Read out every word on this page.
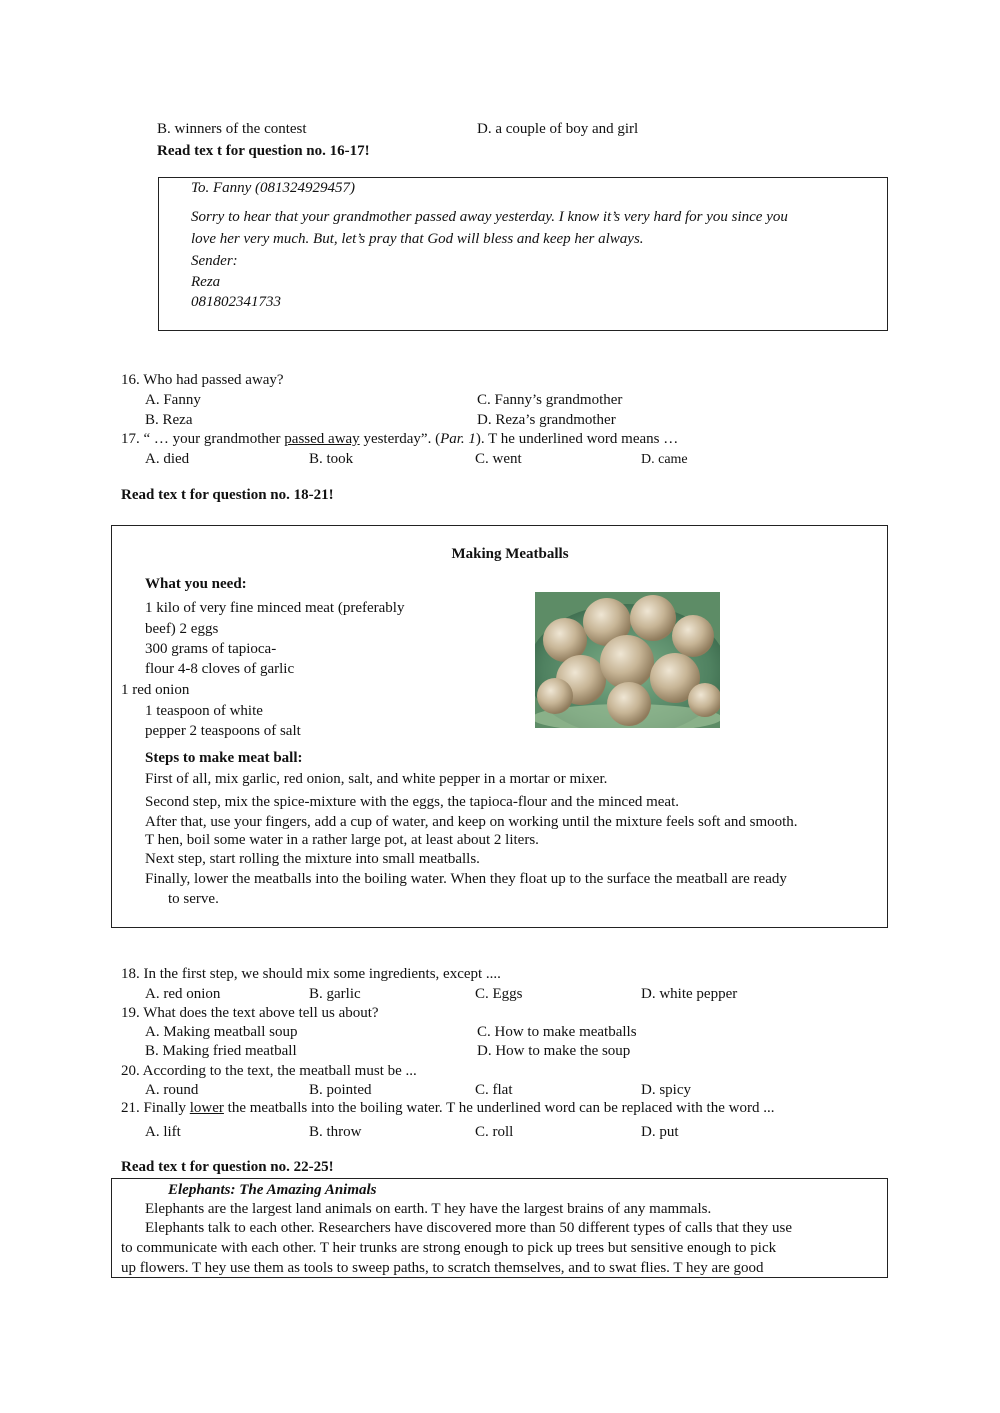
B. winners of the contest	D. a couple of boy and girl
Read tex t for question no. 16-17!
To. Fanny (081324929457)
Sorry to hear that your grandmother passed away yesterday. I know it’s very hard for you since you
love her very much. But, let’s pray that God will bless and keep her always.
Sender:
Reza
081802341733
16. Who had passed away?
A. Fanny	C. Fanny’s grandmother
B. Reza	D. Reza’s grandmother
17. “ … your grandmother passed away yesterday”. (Par. 1). T he underlined word means …
A. died	B. took	C. went	D. came
Read tex t for question no. 18-21!
Making Meatballs
What you need:
1 kilo of very fine minced meat (preferably
beef) 2 eggs
300 grams of tapioca-
flour 4-8 cloves of garlic
1 red onion
1 teaspoon of white
pepper 2 teaspoons of salt
Steps to make meat ball:
First of all, mix garlic, red onion, salt, and white pepper in a mortar or mixer.
Second step, mix the spice-mixture with the eggs, the tapioca-flour and the minced meat.
After that, use your fingers, add a cup of water, and keep on working until the mixture feels soft and smooth.
T hen, boil some water in a rather large pot, at least about 2 liters.
Next step, start rolling the mixture into small meatballs.
Finally, lower the meatballs into the boiling water. When they float up to the surface the meatball are ready
to serve.
18. In the first step, we should mix some ingredients, except ....
A. red onion	B. garlic	C. Eggs	D. white pepper
19. What does the text above tell us about?
A. Making meatball soup	C. How to make meatballs
B. Making fried meatball	D. How to make the soup
20. According to the text, the meatball must be ...
A. round	B. pointed	C. flat	D. spicy
21. Finally lower the meatballs into the boiling water. T he underlined word can be replaced with the word ...
A. lift	B. throw	C. roll	D. put
Read tex t for question no. 22-25!
Elephants: The Amazing Animals
Elephants are the largest land animals on earth. T hey have the largest brains of any mammals.
Elephants talk to each other. Researchers have discovered more than 50 different types of calls that they use
to communicate with each other. T heir trunks are strong enough to pick up trees but sensitive enough to pick
up flowers. T hey use them as tools to sweep paths, to scratch themselves, and to swat flies. T hey are good
